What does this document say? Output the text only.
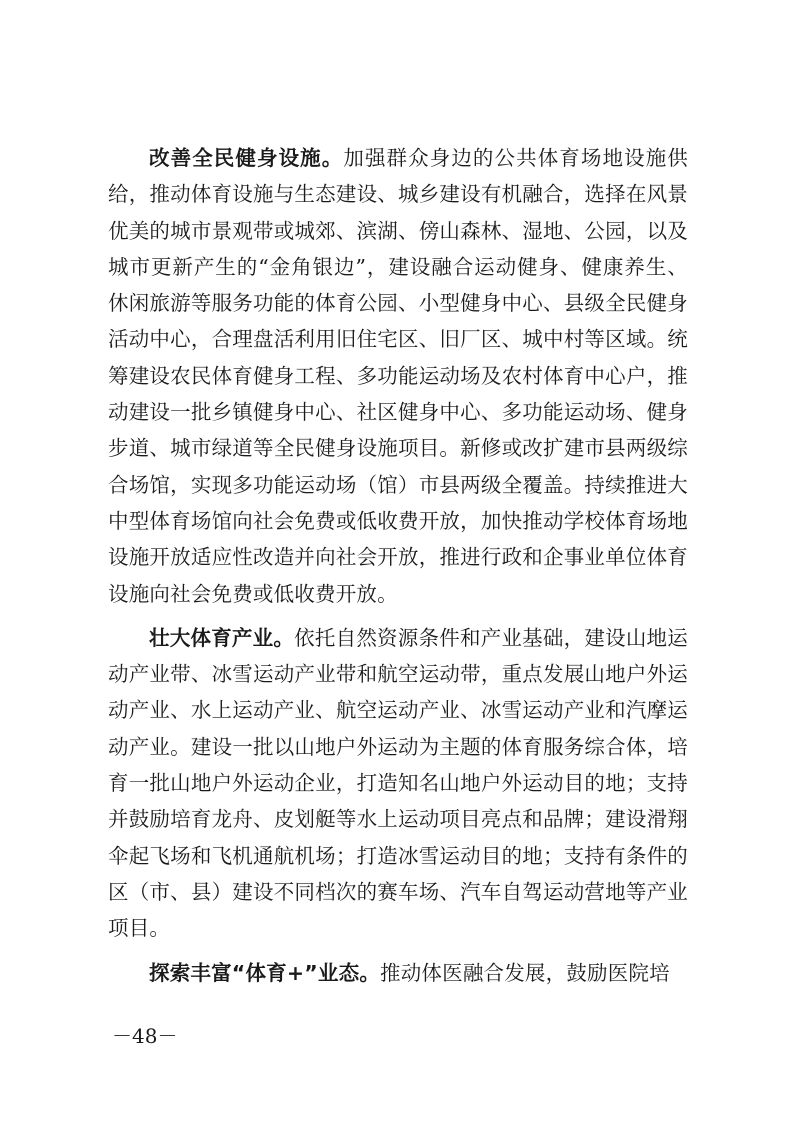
改善全民健身设施。加强群众身边的公共体育场地设施供给，推动体育设施与生态建设、城乡建设有机融合，选择在风景优美的城市景观带或城郊、滨湖、傍山森林、湿地、公园，以及城市更新产生的“金角银边”，建设融合运动健身、健康养生、休闲旅游等服务功能的体育公园、小型健身中心、县级全民健身活动中心，合理盘活利用旧住宅区、旧厂区、城中村等区域。统筹建设农民体育健身工程、多功能运动场及农村体育中心户，推动建设一批乡镇健身中心、社区健身中心、多功能运动场、健身步道、城市绿道等全民健身设施项目。新修或改扩建市县两级综合场馆，实现多功能运动场（馆）市县两级全覆盖。持续推进大中型体育场馆向社会免费或低收费开放，加快推动学校体育场地设施开放适应性改造并向社会开放，推进行政和企事业单位体育设施向社会免费或低收费开放。

壮大体育产业。依托自然资源条件和产业基础，建设山地运动产业带、冰雪运动产业带和航空运动带，重点发展山地户外运动产业、水上运动产业、航空运动产业、冰雪运动产业和汽摩运动产业。建设一批以山地户外运动为主题的体育服务综合体，培育一批山地户外运动企业，打造知名山地户外运动目的地；支持并鼓励培育龙舟、皮划艇等水上运动项目亮点和品牌；建设滑翔伞起飞场和飞机通航机场；打造冰雪运动目的地；支持有条件的区（市、县）建设不同档次的赛车场、汽车自驾运动营地等产业项目。

探索丰富“体育+”业态。推动体医融合发展，鼓励医院培

－48－
